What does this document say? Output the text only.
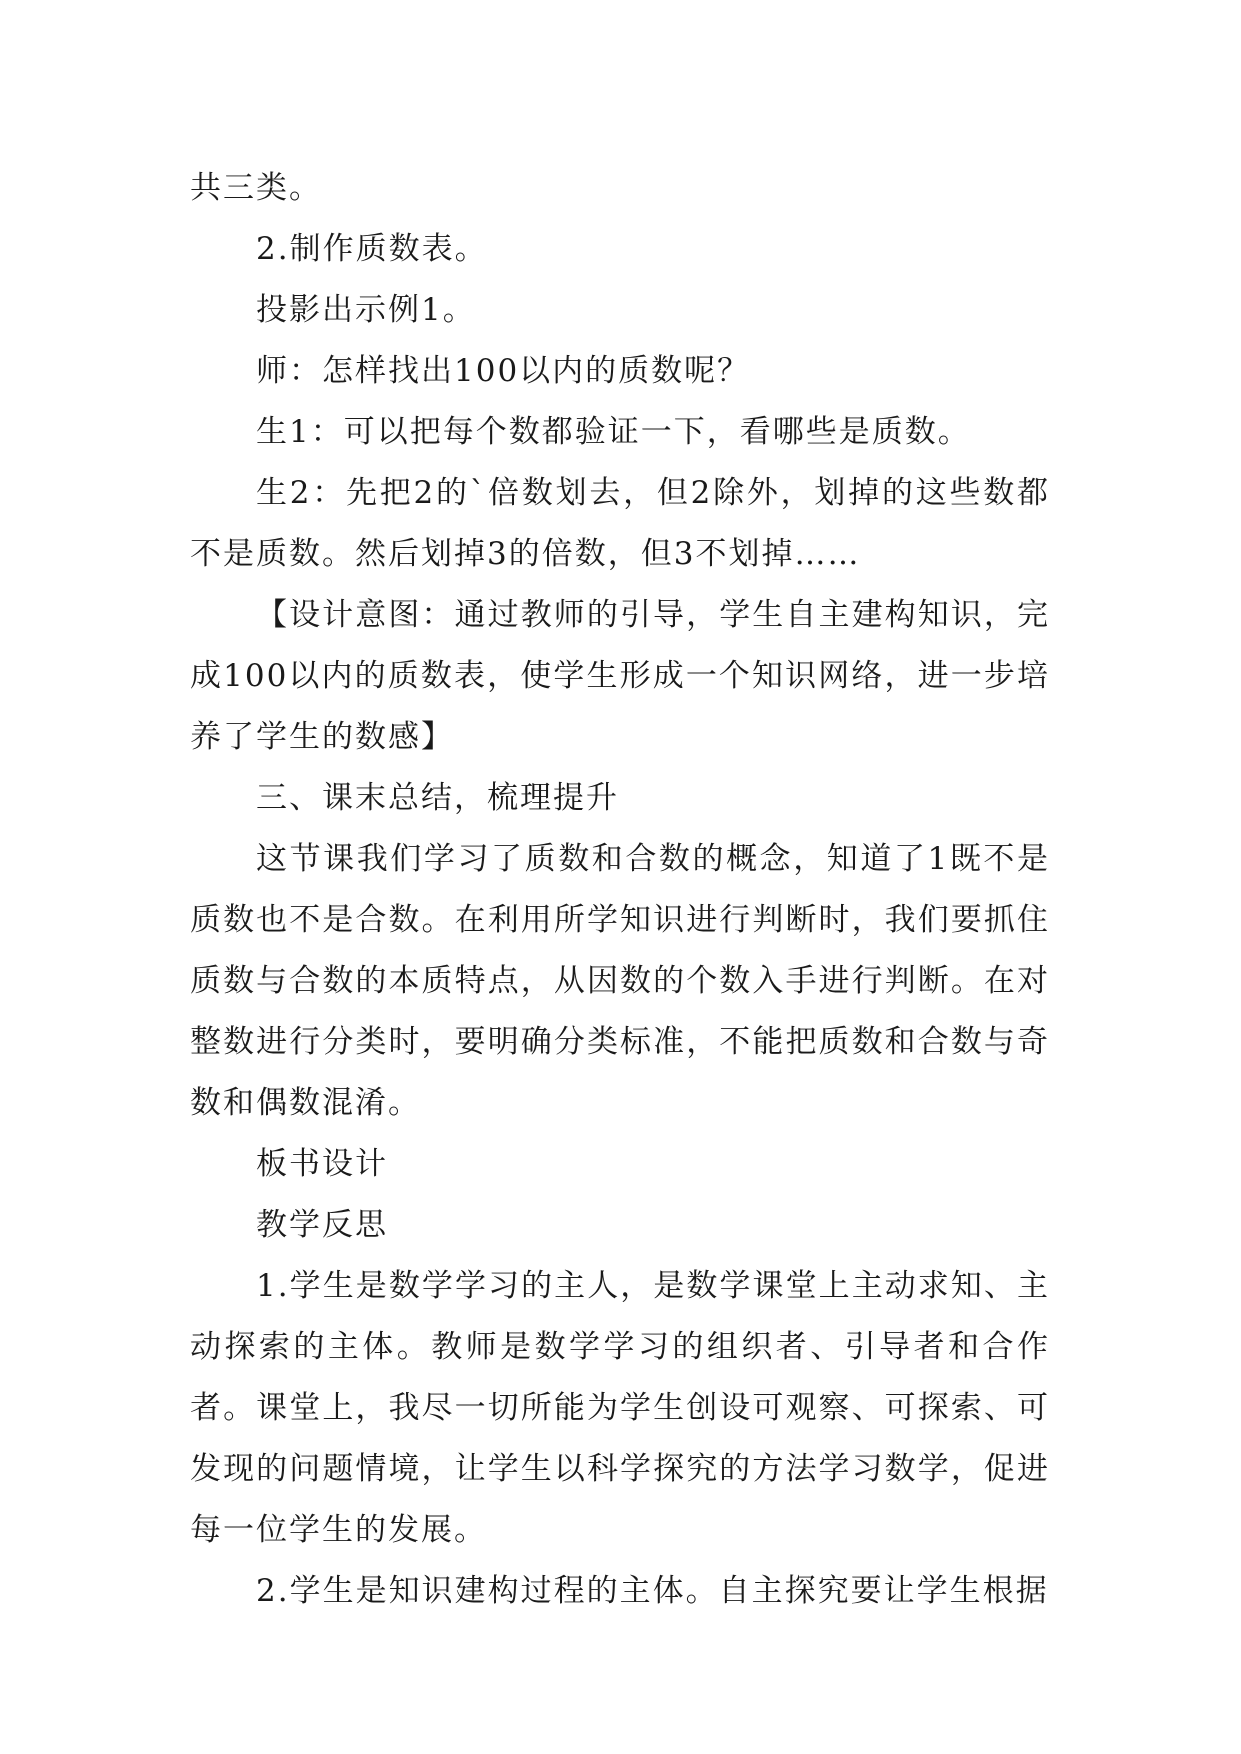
共三类。

2.制作质数表。

投影出示例1。

师：怎样找出100以内的质数呢？

生1：可以把每个数都验证一下，看哪些是质数。

生2：先把2的`倍数划去，但2除外，划掉的这些数都不是质数。然后划掉3的倍数，但3不划掉……

【设计意图：通过教师的引导，学生自主建构知识，完成100以内的质数表，使学生形成一个知识网络，进一步培养了学生的数感】

三、课末总结，梳理提升

这节课我们学习了质数和合数的概念，知道了1既不是质数也不是合数。在利用所学知识进行判断时，我们要抓住质数与合数的本质特点，从因数的个数入手进行判断。在对整数进行分类时，要明确分类标准，不能把质数和合数与奇数和偶数混淆。

板书设计

教学反思

1.学生是数学学习的主人，是数学课堂上主动求知、主动探索的主体。教师是数学学习的组织者、引导者和合作者。课堂上，我尽一切所能为学生创设可观察、可探索、可发现的问题情境，让学生以科学探究的方法学习数学，促进每一位学生的发展。

2.学生是知识建构过程的主体。自主探究要让学生根据
